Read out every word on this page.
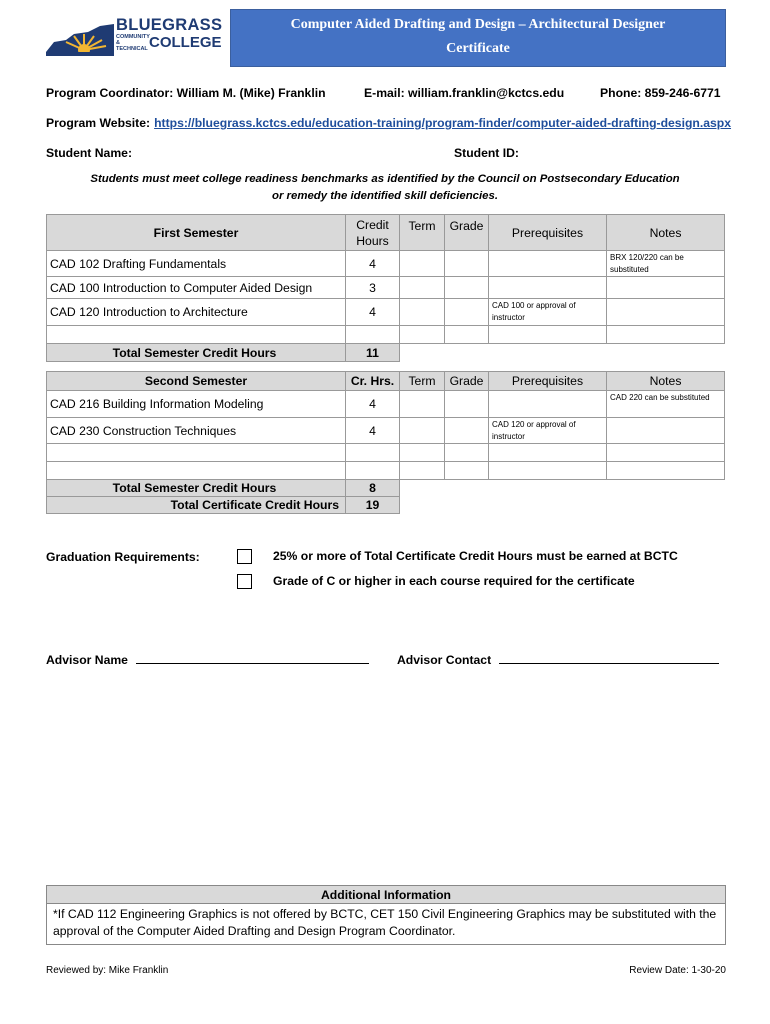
BLUEGRASS
COMMUNITY & TECHNICAL COLLEGE
Computer Aided Drafting and Design – Architectural Designer
Certificate
Program Coordinator: William M. (Mike) Franklin	E-mail: william.franklin@kctcs.edu	Phone: 859-246-6771
Program Website: https://bluegrass.kctcs.edu/education-training/program-finder/computer-aided-drafting-design.aspx
Student Name:	Student ID:
Students must meet college readiness benchmarks as identified by the Council on Postsecondary Education
or remedy the identified skill deficiencies.
First Semester	Credit
Hours	Term	Grade	Prerequisites	Notes
CAD 102 Drafting Fundamentals	4				BRX 120/220 can be substituted
CAD 100 Introduction to Computer Aided Design	3				
CAD 120 Introduction to Architecture	4			CAD 100 or approval of instructor	

Total Semester Credit Hours	11				
Second Semester	Cr. Hrs.	Term	Grade	Prerequisites	Notes
CAD 216 Building Information Modeling	4				CAD 220 can be substituted
CAD 230 Construction Techniques	4			CAD 120 or approval of instructor	

Total Semester Credit Hours	8				
Total Certificate Credit Hours	19				
Graduation Requirements:	25% or more of Total Certificate Credit Hours must be earned at BCTC
Grade of C or higher in each course required for the certificate
Advisor Name	Advisor Contact
Additional Information
*If CAD 112 Engineering Graphics is not offered by BCTC, CET 150 Civil Engineering Graphics may be substituted with the approval of the Computer Aided Drafting and Design Program Coordinator.
Reviewed by: Mike Franklin	Review Date: 1-30-20
